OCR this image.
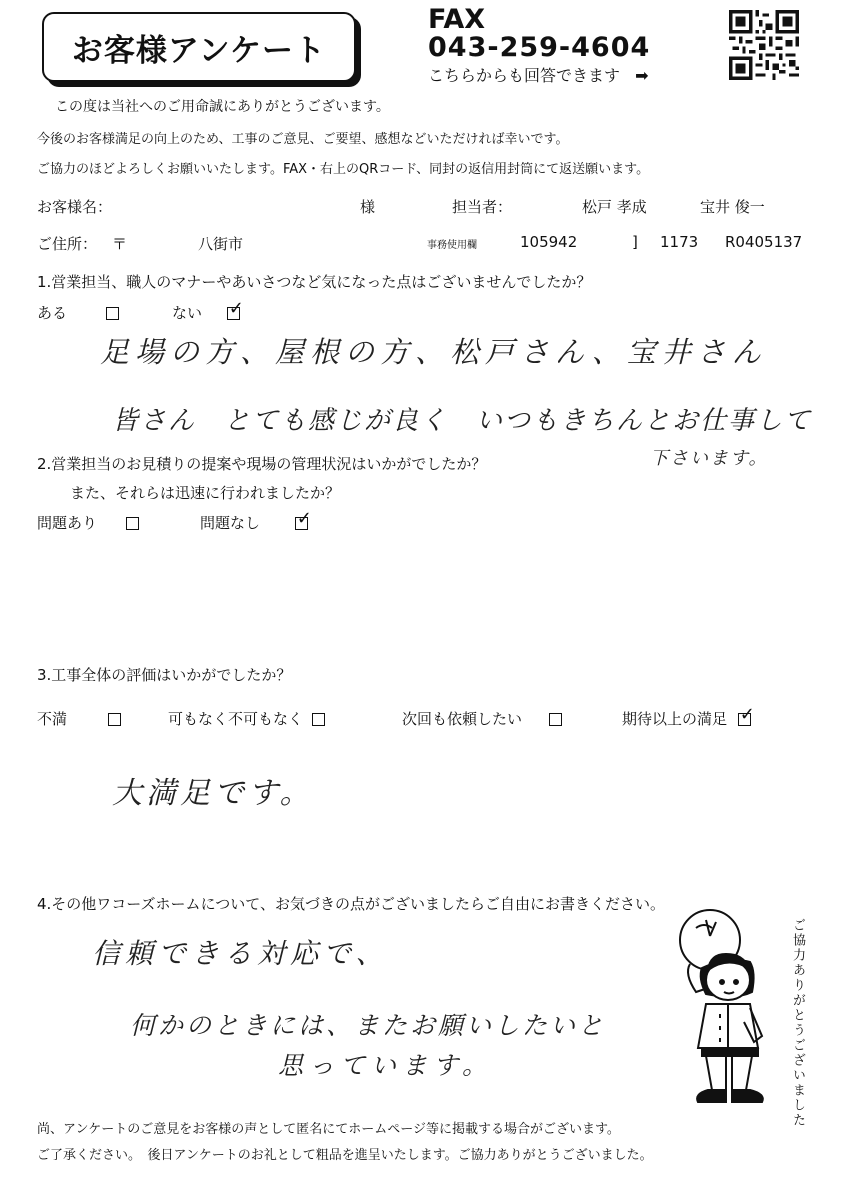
お客様アンケート
FAX
043-259-4604
こちらからも回答できます ➡
この度は当社へのご用命誠にありがとうございます。
今後のお客様満足の向上のため、工事のご意見、ご要望、感想などいただければ幸いです。
ご協力のほどよろしくお願いいたします。FAX・右上のQRコード、同封の返信用封筒にて返送願います。
お客様名：	様	担当者：	松戸 孝成	宝井 俊一
ご住所： 〒	八街市	事務使用欄	105942	] 1173 R0405137
1.営業担当、職人のマナーやあいさつなど気になった点はございませんでしたか？
ある	ない ✓
足場の方、屋根の方、松戸さん、宝井さん
皆さん　とても感じが良く　いつもきちんとお仕事して
下さいます。
2.営業担当のお見積りの提案や現場の管理状況はいかがでしたか？
また、それらは迅速に行われましたか？
問題あり	問題なし ✓
3.工事全体の評価はいかがでしたか？
不満	可もなく不可もなく	次回も依頼したい	期待以上の満足 ✓
大満足です。
4.その他ワコーズホームについて、お気づきの点がございましたらご自由にお書きください。
信頼できる対応で、
何かのときには、またお願いしたいと
思っています。	ご協力ありがとうございました
尚、アンケートのご意見をお客様の声として匿名にてホームページ等に掲載する場合がございます。
ご了承ください。　後日アンケートのお礼として粗品を進呈いたします。ご協力ありがとうございました。
